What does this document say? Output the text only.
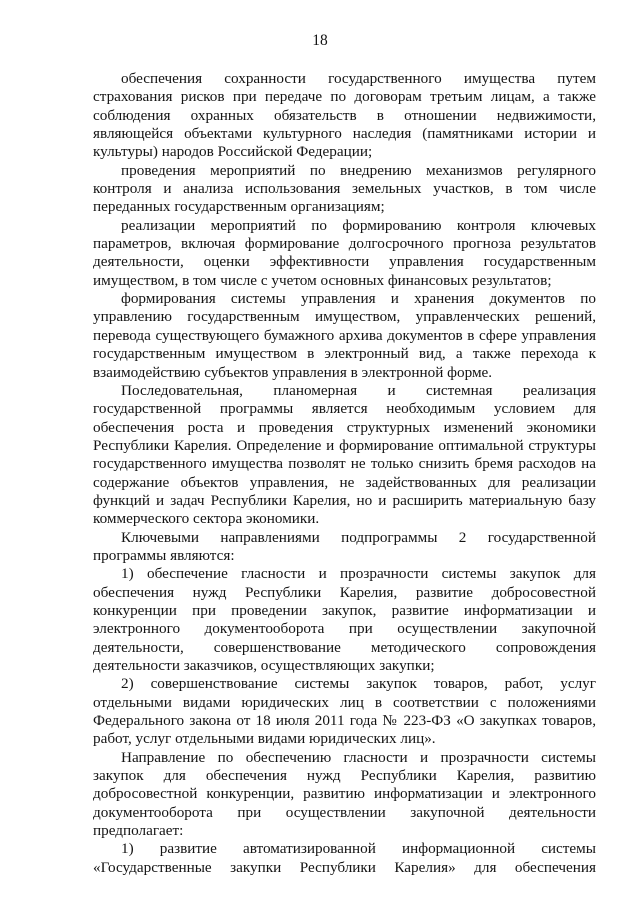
18
обеспечения сохранности государственного имущества путем
страхования рисков при передаче по договорам третьим лицам, а также
соблюдения охранных обязательств в отношении недвижимости,
являющейся объектами культурного наследия (памятниками истории и
культуры) народов Российской Федерации;
проведения мероприятий по внедрению механизмов регулярного
контроля и анализа использования земельных участков, в том числе
переданных государственным организациям;
реализации мероприятий по формированию контроля ключевых
параметров, включая формирование долгосрочного прогноза результатов
деятельности, оценки эффективности управления государственным
имуществом, в том числе с учетом основных финансовых результатов;
формирования системы управления и хранения документов по
управлению государственным имуществом, управленческих решений,
перевода существующего бумажного архива документов в сфере управления
государственным имуществом в электронный вид, а также перехода к
взаимодействию субъектов управления в электронной форме.
Последовательная, планомерная и системная реализация
государственной программы является необходимым условием для
обеспечения роста и проведения структурных изменений экономики
Республики Карелия. Определение и формирование оптимальной структуры
государственного имущества позволят не только снизить бремя расходов на
содержание объектов управления, не задействованных для реализации
функций и задач Республики Карелия, но и расширить материальную базу
коммерческого сектора экономики.
Ключевыми направлениями подпрограммы 2 государственной
программы являются:
1) обеспечение гласности и прозрачности системы закупок для
обеспечения нужд Республики Карелия, развитие добросовестной
конкуренции при проведении закупок, развитие информатизации и
электронного документооборота при осуществлении закупочной
деятельности, совершенствование методического сопровождения
деятельности заказчиков, осуществляющих закупки;
2) совершенствование системы закупок товаров, работ, услуг
отдельными видами юридических лиц в соответствии с положениями
Федерального закона от 18 июля 2011 года № 223-ФЗ «О закупках товаров,
работ, услуг отдельными видами юридических лиц».
Направление по обеспечению гласности и прозрачности системы
закупок для обеспечения нужд Республики Карелия, развитию
добросовестной конкуренции, развитию информатизации и электронного
документооборота при осуществлении закупочной деятельности
предполагает:
1) развитие автоматизированной информационной системы
«Государственные закупки Республики Карелия» для обеспечения
